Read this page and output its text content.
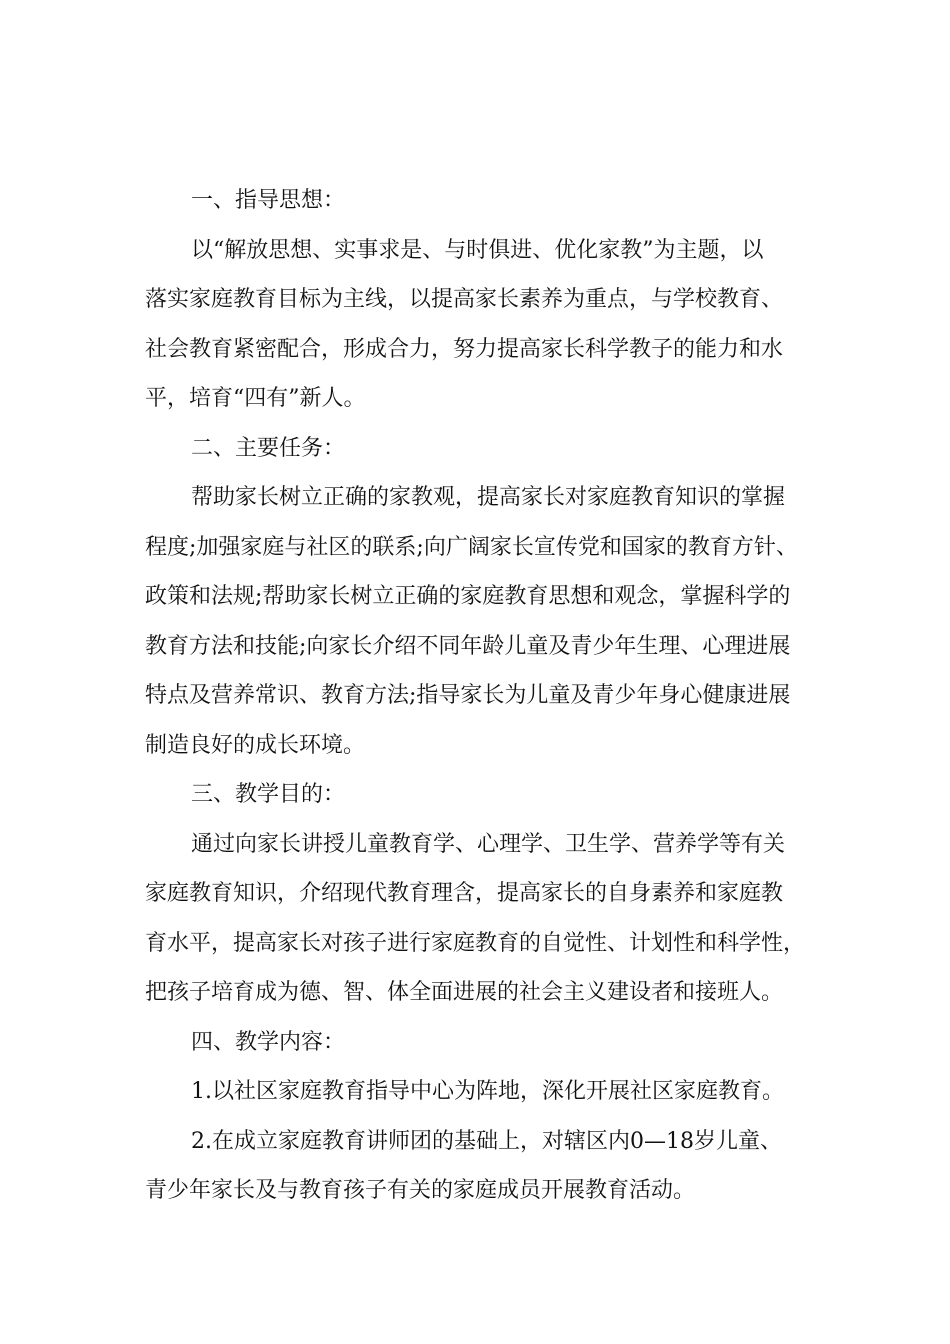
一、指导思想：
以“解放思想、实事求是、与时俱进、优化家教”为主题，以
落实家庭教育目标为主线，以提高家长素养为重点，与学校教育、
社会教育紧密配合，形成合力，努力提高家长科学教子的能力和水
平，培育“四有”新人。
二、主要任务：
帮助家长树立正确的家教观，提高家长对家庭教育知识的掌握
程度;加强家庭与社区的联系;向广阔家长宣传党和国家的教育方针、
政策和法规;帮助家长树立正确的家庭教育思想和观念，掌握科学的
教育方法和技能;向家长介绍不同年龄儿童及青少年生理、心理进展
特点及营养常识、教育方法;指导家长为儿童及青少年身心健康进展
制造良好的成长环境。
三、教学目的：
通过向家长讲授儿童教育学、心理学、卫生学、营养学等有关
家庭教育知识，介绍现代教育理含，提高家长的自身素养和家庭教
育水平，提高家长对孩子进行家庭教育的自觉性、计划性和科学性，
把孩子培育成为德、智、体全面进展的社会主义建设者和接班人。
四、教学内容：
1.以社区家庭教育指导中心为阵地，深化开展社区家庭教育。
2.在成立家庭教育讲师团的基础上，对辖区内0—18岁儿童、
青少年家长及与教育孩子有关的家庭成员开展教育活动。
